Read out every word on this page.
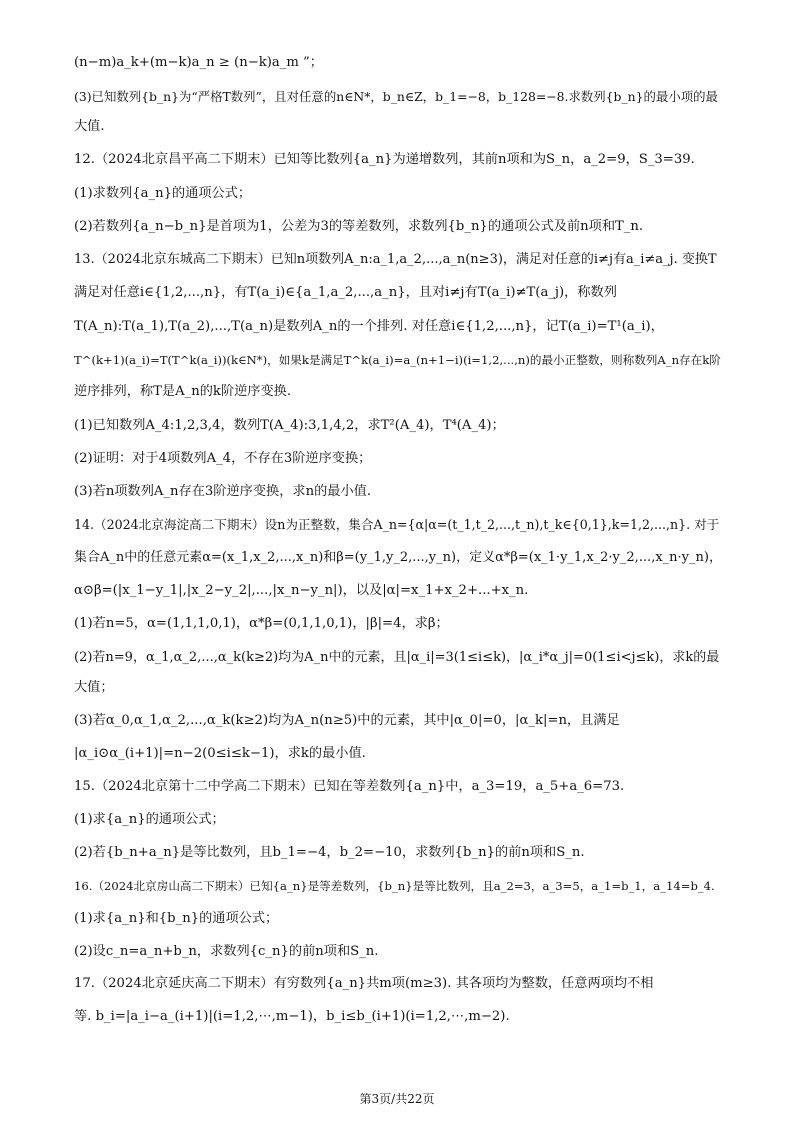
(n−m)a_k+(m−k)a_n ≥ (n−k)a_m ”；
(3)已知数列{b_n}为“严格T数列”，且对任意的n∈N*，b_n∈Z，b_1=−8，b_128=−8.求数列{b_n}的最小项的最
大值.
12.（2024北京昌平高二下期末）已知等比数列{a_n}为递增数列，其前n项和为S_n，a_2=9，S_3=39.
(1)求数列{a_n}的通项公式；
(2)若数列{a_n−b_n}是首项为1，公差为3的等差数列，求数列{b_n}的通项公式及前n项和T_n.
13.（2024北京东城高二下期末）已知n项数列A_n:a_1,a_2,...,a_n(n≥3)，满足对任意的i≠j有a_i≠a_j. 变换T
满足对任意i∈{1,2,...,n}，有T(a_i)∈{a_1,a_2,...,a_n}，且对i≠j有T(a_i)≠T(a_j)，称数列
T(A_n):T(a_1),T(a_2),...,T(a_n)是数列A_n的一个排列. 对任意i∈{1,2,...,n}，记T(a_i)=T¹(a_i)，
T^(k+1)(a_i)=T(T^k(a_i))(k∈N*)，如果k是满足T^k(a_i)=a_(n+1−i)(i=1,2,...,n)的最小正整数，则称数列A_n存在k阶
逆序排列，称T是A_n的k阶逆序变换.
(1)已知数列A_4:1,2,3,4，数列T(A_4):3,1,4,2，求T²(A_4)，T⁴(A_4)；
(2)证明：对于4项数列A_4，不存在3阶逆序变换；
(3)若n项数列A_n存在3阶逆序变换，求n的最小值.
14.（2024北京海淀高二下期末）设n为正整数，集合A_n={α|α=(t_1,t_2,...,t_n),t_k∈{0,1},k=1,2,...,n}. 对于
集合A_n中的任意元素α=(x_1,x_2,...,x_n)和β=(y_1,y_2,...,y_n)，定义α*β=(x_1·y_1,x_2·y_2,...,x_n·y_n)，
α⊙β=(|x_1−y_1|,|x_2−y_2|,...,|x_n−y_n|)，以及|α|=x_1+x_2+...+x_n.
(1)若n=5，α=(1,1,1,0,1)，α*β=(0,1,1,0,1)，|β|=4，求β；
(2)若n=9，α_1,α_2,...,α_k(k≥2)均为A_n中的元素，且|α_i|=3(1≤i≤k)，|α_i*α_j|=0(1≤i<j≤k)，求k的最
大值；
(3)若α_0,α_1,α_2,...,α_k(k≥2)均为A_n(n≥5)中的元素，其中|α_0|=0，|α_k|=n，且满足
|α_i⊙α_(i+1)|=n−2(0≤i≤k−1)，求k的最小值.
15.（2024北京第十二中学高二下期末）已知在等差数列{a_n}中，a_3=19，a_5+a_6=73.
(1)求{a_n}的通项公式；
(2)若{b_n+a_n}是等比数列，且b_1=−4，b_2=−10，求数列{b_n}的前n项和S_n.
16.（2024北京房山高二下期末）已知{a_n}是等差数列，{b_n}是等比数列，且a_2=3，a_3=5，a_1=b_1，a_14=b_4.
(1)求{a_n}和{b_n}的通项公式；
(2)设c_n=a_n+b_n，求数列{c_n}的前n项和S_n.
17.（2024北京延庆高二下期末）有穷数列{a_n}共m项(m≥3). 其各项均为整数，任意两项均不相
等. b_i=|a_i−a_(i+1)|(i=1,2,⋯,m−1)，b_i≤b_(i+1)(i=1,2,⋯,m−2).
第3页/共22页
